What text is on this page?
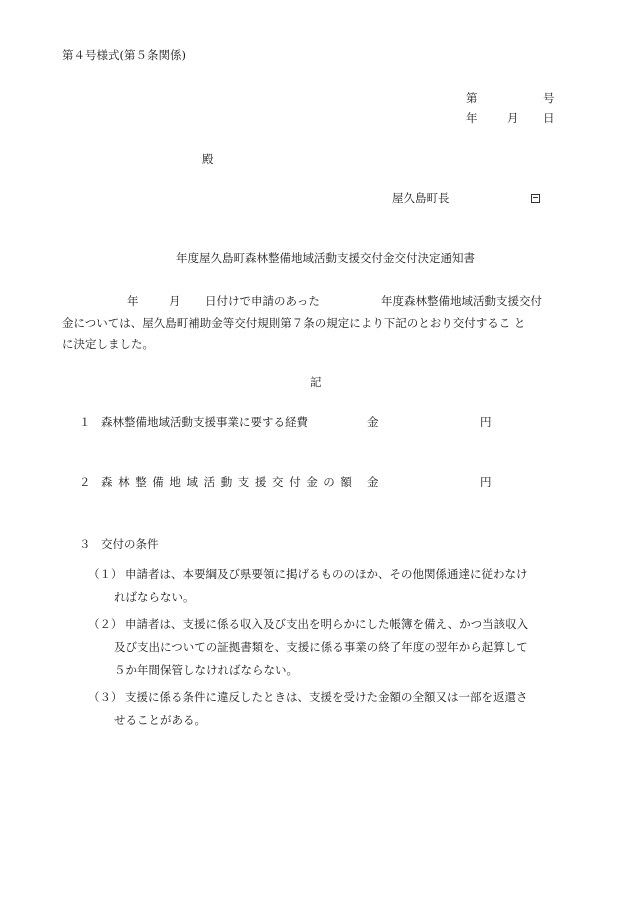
第４号様式(第５条関係)
第	号
年	月 日
殿
屋久島町長
年度屋久島町森林整備地域活動支援交付金交付決定通知書
年	月 日付けで申請のあった	年度森林整備地域活動支援交付
金については、屋久島町補助金等交付規則第７条の規定により下記のとおり交付するこ と
に決定しました。
記
１ 森林整備地域活動支援事業に要する経費	金	円
２ 森林整備地域活動支援交付金の額 金	円
３ 交付の条件
（１） 申請者は、本要綱及び県要領に掲げるもののほか、その他関係通達に従わなけ
ればならない。
（２） 申請者は、支援に係る収入及び支出を明らかにした帳簿を備え、かつ当該収入
及び支出についての証拠書類を、支援に係る事業の終了年度の翌年から起算して
５か年間保管しなければならない。
（３） 支援に係る条件に違反したときは、支援を受けた金額の全額又は一部を返還さ
せることがある。
